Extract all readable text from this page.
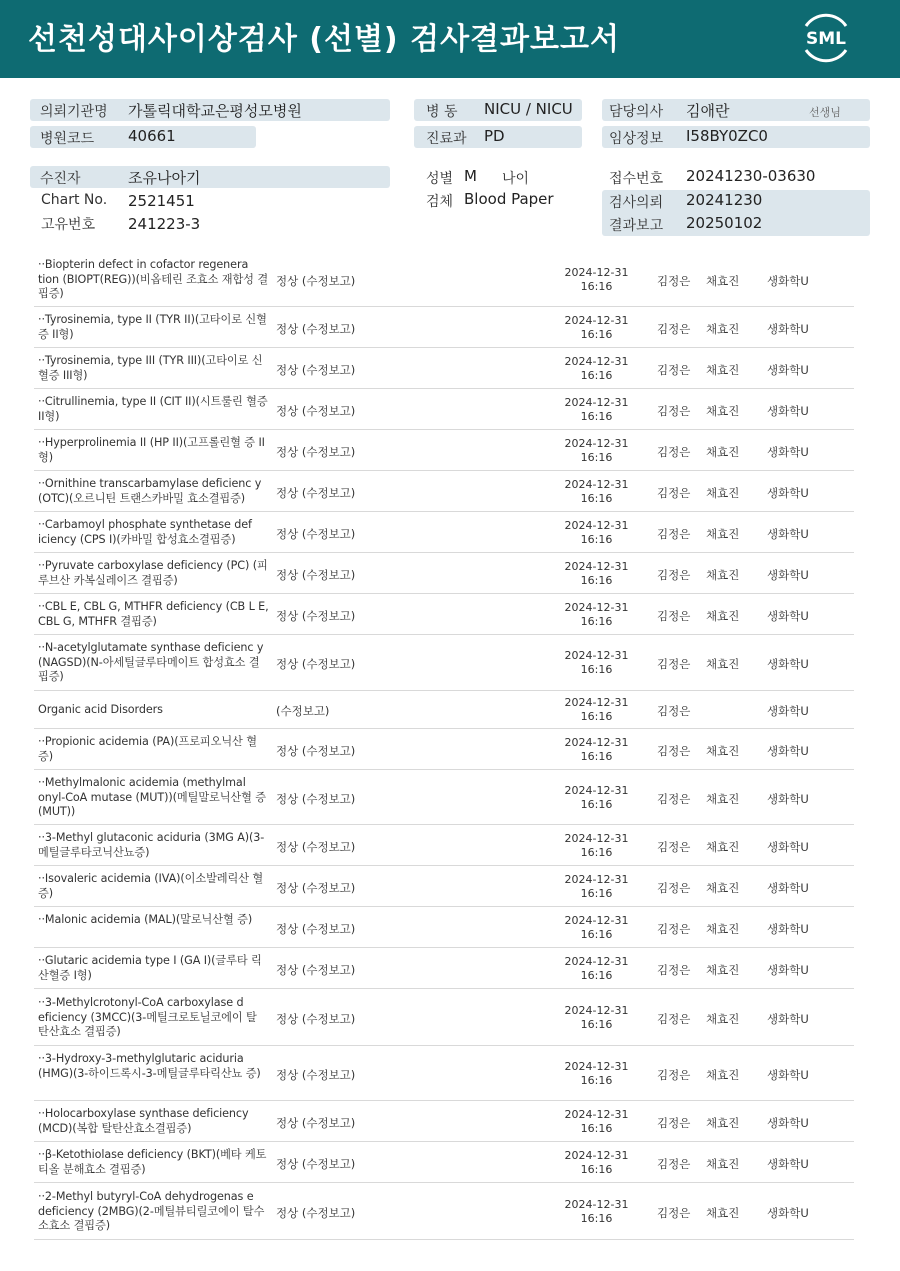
선천성대사이상검사 (선별) 검사결과보고서	SML
의뢰기관명 가톨릭대학교은평성모병원
병원코드 40661
병 동 NICU / NICU
진료과 PD
담당의사 김애란	선생님
임상정보 I58BY0ZC0
수진자	조유나아기
Chart No. 2521451
고유번호 241223-3
성별 M 나이
검체 Blood Paper
접수번호 20241230-03630
검사의뢰 20241230
결과보고 20250102
··Biopterin defect in cofactor regenera tion (BIOPT(REG))(비옵테린 조효소 재합성 결핍증)
정상 (수정보고)
2024-12-31
16:16	김정은 채효진 생화학U
··Tyrosinemia, type II (TYR II)(고타이로 신혈증 II형)	정상 (수정보고)
2024-12-31
16:16	김정은 채효진 생화학U
··Tyrosinemia, type III (TYR III)(고타이로 신혈증 III형)	정상 (수정보고)
2024-12-31
16:16	김정은 채효진 생화학U
··Citrullinemia, type II (CIT II)(시트룰린 혈증 II형)	정상 (수정보고)
2024-12-31
16:16	김정은 채효진 생화학U
··Hyperprolinemia II (HP II)(고프롤린혈 증 II형)	정상 (수정보고)
2024-12-31
16:16	김정은 채효진 생화학U
··Ornithine transcarbamylase deficienc y (OTC)(오르니틴 트랜스카바밀 효소결핍증)	정상 (수정보고)
2024-12-31
16:16	김정은 채효진 생화학U
··Carbamoyl phosphate synthetase def iciency (CPS I)(카바밀 합성효소결핍증)	정상 (수정보고)
2024-12-31
16:16	김정은 채효진 생화학U
··Pyruvate carboxylase deficiency (PC) (피루브산 카복실레이즈 결핍증)	정상 (수정보고)
2024-12-31
16:16	김정은 채효진 생화학U
··CBL E, CBL G, MTHFR deficiency (CB L E, CBL G, MTHFR 결핍증)	정상 (수정보고)
2024-12-31
16:16	김정은 채효진 생화학U
··N-acetylglutamate synthase deficienc y (NAGSD)(N-아세틸글루타메이트 합성효소 결핍증)
정상 (수정보고)
2024-12-31
16:16	김정은 채효진 생화학U
Organic acid Disorders	(수정보고)
2024-12-31
16:16	김정은	생화학U
··Propionic acidemia (PA)(프로피오닉산 혈증)	정상 (수정보고)
2024-12-31
16:16	김정은 채효진 생화학U
··Methylmalonic acidemia (methylmal onyl-CoA mutase (MUT))(메틸말로닉산혈 증 (MUT))
정상 (수정보고)
2024-12-31
16:16	김정은 채효진 생화학U
··3-Methyl glutaconic aciduria (3MG A)(3-메틸글루타코닉산뇨증)	정상 (수정보고)
2024-12-31
16:16	김정은 채효진 생화학U
··Isovaleric acidemia (IVA)(이소발레릭산 혈증)	정상 (수정보고)
2024-12-31
16:16	김정은 채효진 생화학U
··Malonic acidemia (MAL)(말로닉산혈 증)
정상 (수정보고)
2024-12-31
16:16	김정은 채효진 생화학U
··Glutaric acidemia type I (GA I)(글루타 릭산혈증 I형)	정상 (수정보고)
2024-12-31
16:16	김정은 채효진 생화학U
··3-Methylcrotonyl-CoA carboxylase d eficiency (3MCC)(3-메틸크로토닐코에이 탈 탄산효소 결핍증)
정상 (수정보고)
2024-12-31
16:16	김정은 채효진 생화학U
··3-Hydroxy-3-methylglutaric aciduria (HMG)(3-하이드록시-3-메틸글루타릭산뇨 증)	정상 (수정보고)
2024-12-31
16:16	김정은 채효진 생화학U
··Holocarboxylase synthase deficiency (MCD)(복합 탈탄산효소결핍증)	정상 (수정보고)
2024-12-31
16:16	김정은 채효진 생화학U
··β-Ketothiolase deficiency (BKT)(베타 케토티올 분해효소 결핍증)	정상 (수정보고)
2024-12-31
16:16	김정은 채효진 생화학U
··2-Methyl butyryl-CoA dehydrogenas e deficiency (2MBG)(2-메틸뷰티릴코에이 탈수소효소 결핍증)
정상 (수정보고)
2024-12-31
16:16	김정은 채효진 생화학U
